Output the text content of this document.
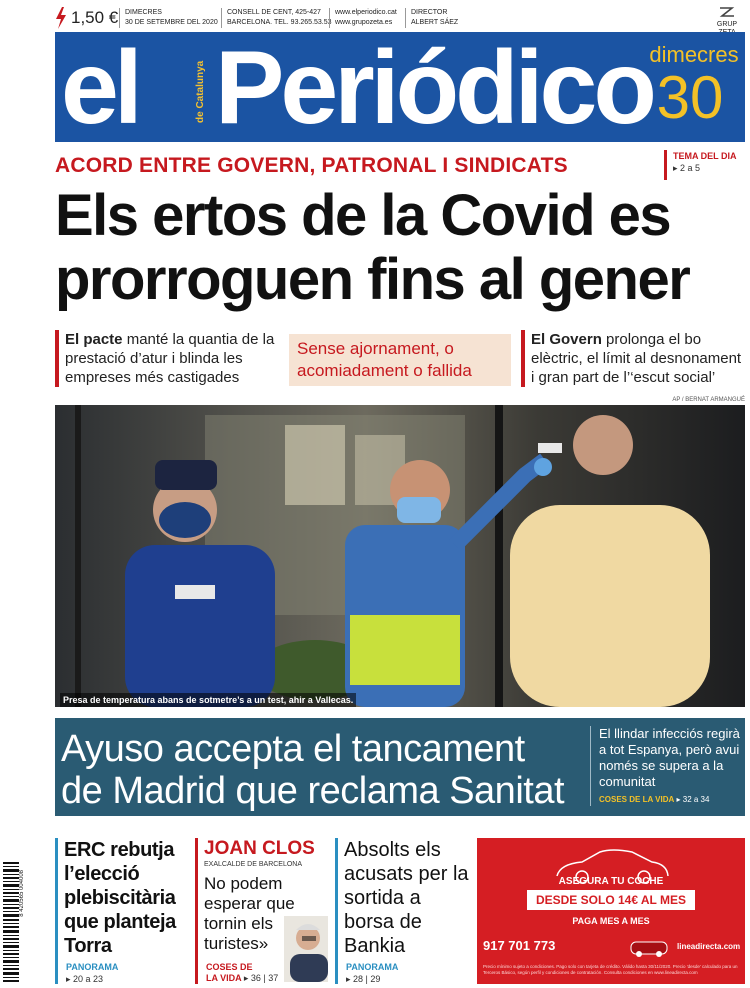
1,50 € DIMECRES
30 DE SETEMBRE DEL 2020
CONSELL DE CENT, 425-427
BARCELONA. TEL. 93.265.53.53
www.elperiodico.cat
www.grupozeta.es
DIRECTOR
ALBERT SÁEZ	GRUP
el	de Catalunya Periódico
dimecres
30
ACORD ENTRE GOVERN, PATRONAL I SINDICATS	TEMA DEL DIA
▸ 2 a 5
Els ertos de la Covid es
prorroguen fins al gener
El pacte manté la quantia de la prestació d’atur i blinda les empreses més castigades
Sense ajornament, o acomiadament o fallida
El Govern prolonga el bo elèctric, el límit al desnonament i gran part de l’‘escut social’
AP / BERNAT ARMANGUÉ
Presa de temperatura abans de sotmetre’s a un test, ahir a Vallecas.
Ayuso accepta el tancament
de Madrid que reclama Sanitat
El llindar infecciós regirà a tot Espanya, però avui només se supera a la comunitat
COSES DE LA VIDA ▸ 32 a 34
ERC rebutja l’elecció plebiscitària que planteja Torra
PANORAMA
▸ 20 a 23
JOAN CLOS
EXALCALDE DE BARCELONA
No podem esperar que tornin els turistes»
COSES DE
LA VIDA ▸ 36 | 37
Absolts els acusats per la sortida a borsa de Bankia
PANORAMA
▸ 28 | 29
ASEGURA TU COCHE
DESDE SOLO 14€ AL MES
PAGA MES A MES
917 701 773	lineadirecta.com
Precio mínimo sujeto a condiciones. Pago solo con tarjeta de crédito. Válido hasta 30/11/2020. Precio 'desde' calculado para un Terceros Básico, según perfil y condiciones de contratación. Consulta condiciones en www.lineadirecta.com
8 420565 004008
